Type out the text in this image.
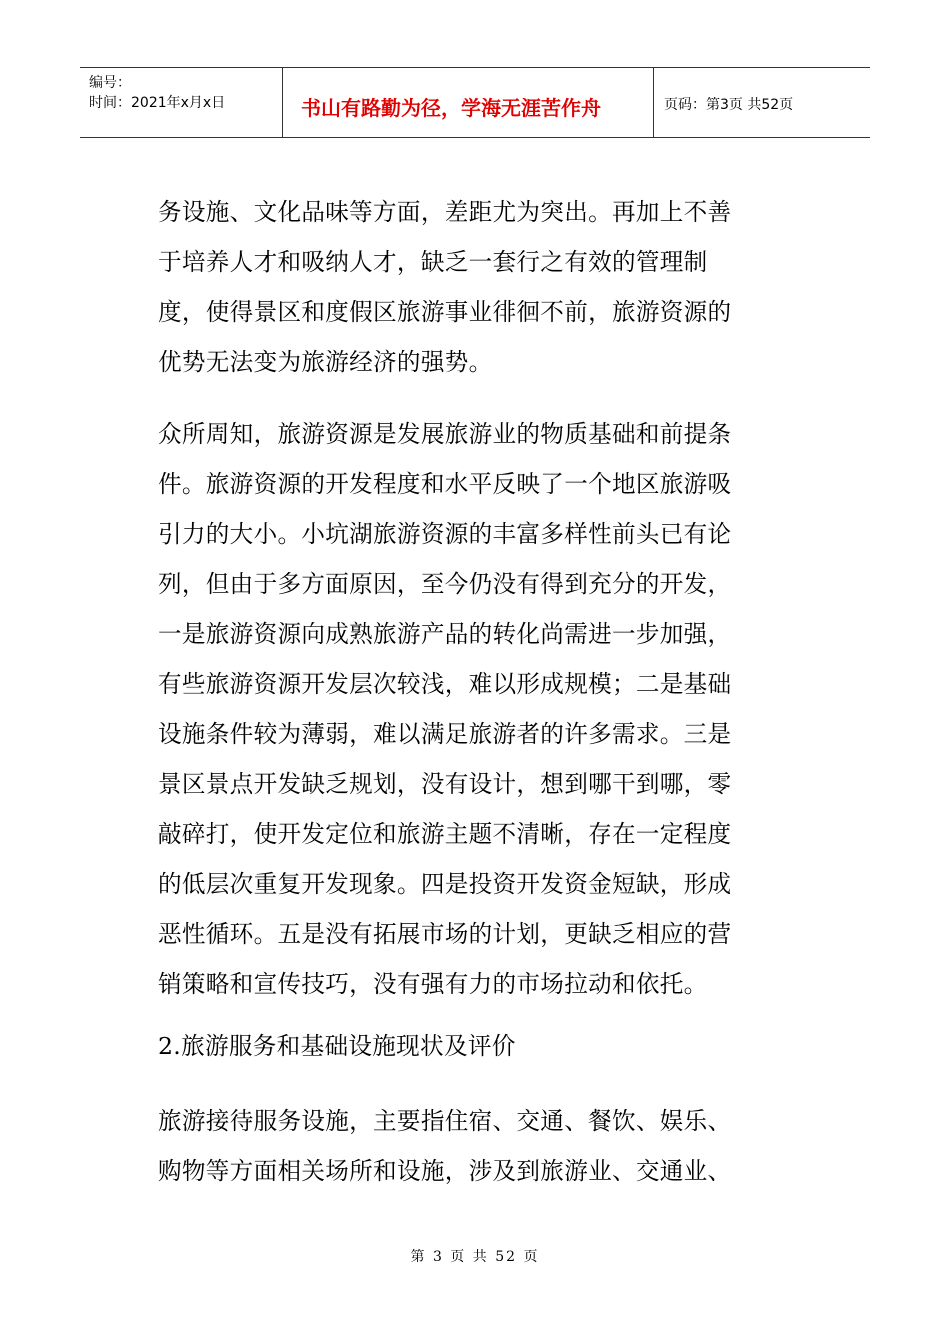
编号：
时间：2021年x月x日	书山有路勤为径，学海无涯苦作舟	页码：第3页 共52页

务设施、文化品味等方面，差距尤为突出。再加上不善

于培养人才和吸纳人才，缺乏一套行之有效的管理制

度，使得景区和度假区旅游事业徘徊不前，旅游资源的

优势无法变为旅游经济的强势。

众所周知，旅游资源是发展旅游业的物质基础和前提条

件。旅游资源的开发程度和水平反映了一个地区旅游吸

引力的大小。小坑湖旅游资源的丰富多样性前头已有论

列，但由于多方面原因，至今仍没有得到充分的开发，

一是旅游资源向成熟旅游产品的转化尚需进一步加强，

有些旅游资源开发层次较浅，难以形成规模；二是基础

设施条件较为薄弱，难以满足旅游者的许多需求。三是

景区景点开发缺乏规划，没有设计，想到哪干到哪，零

敲碎打，使开发定位和旅游主题不清晰，存在一定程度

的低层次重复开发现象。四是投资开发资金短缺，形成

恶性循环。五是没有拓展市场的计划，更缺乏相应的营

销策略和宣传技巧，没有强有力的市场拉动和依托。

2.旅游服务和基础设施现状及评价

旅游接待服务设施，主要指住宿、交通、餐饮、娱乐、

购物等方面相关场所和设施，涉及到旅游业、交通业、

第 3 页 共 52 页
